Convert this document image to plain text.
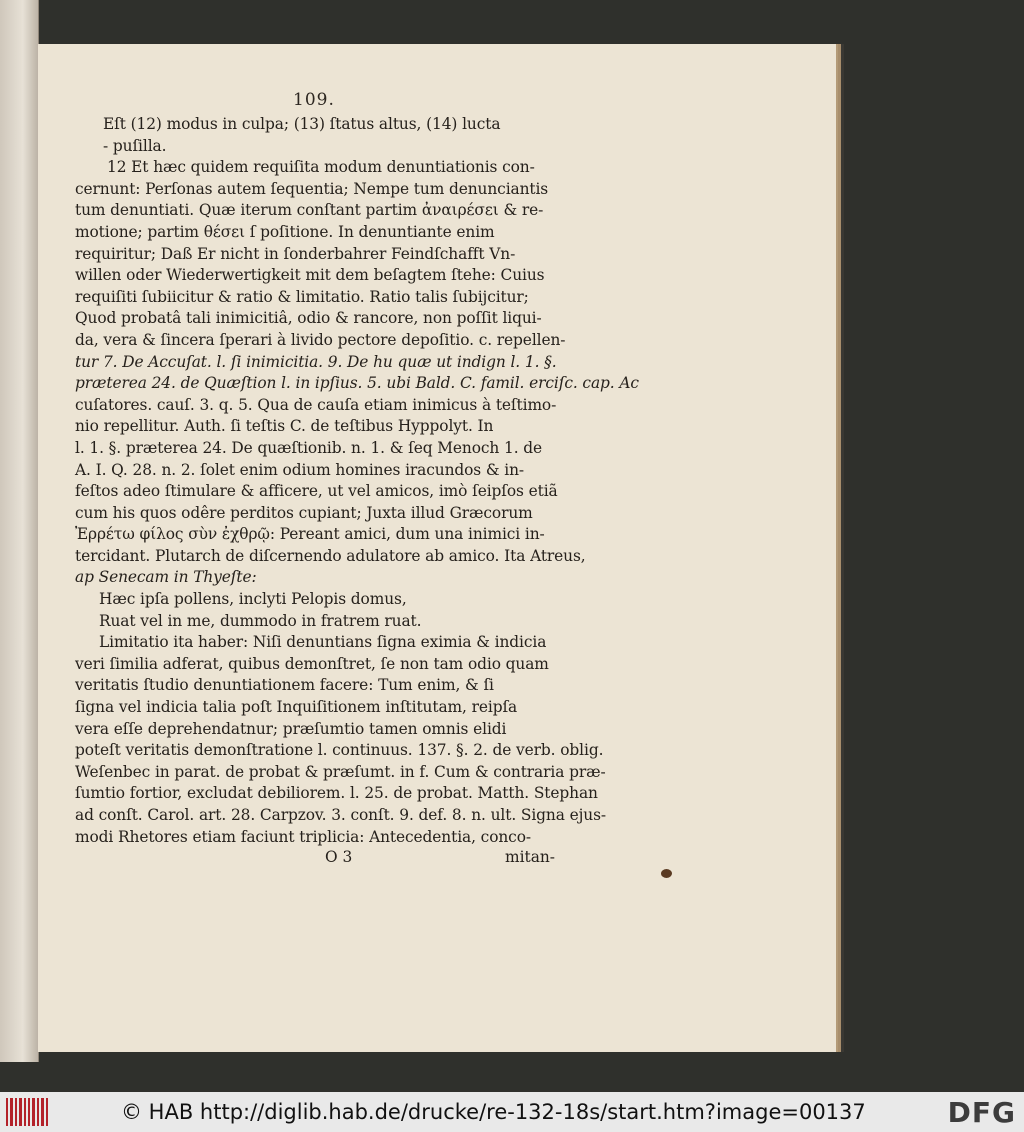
109.
Eſt (12) modus in culpa; (13) ſtatus altus, (14) lucta
- puſilla.
12 Et hæc quidem requiſita modum denuntiationis con-
cernunt: Perſonas autem ſequentia; Nempe tum denunciantis
tum denuntiati. Quæ iterum conſtant partim ἀναιρέσει & re-
motione; partim θέσει ſ poſitione. In denuntiante enim
requiritur; Daß Er nicht in ſonderbahrer Feindſchafft Vn-
willen oder Wiederwertigkeit mit dem beſagtem ſtehe: Cuius
requiſiti ſubiicitur & ratio & limitatio. Ratio talis ſubijcitur;
Quod probatâ tali inimicitiâ, odio & rancore, non poſſit liqui-
da, vera & ſincera ſperari à livido pectore depoſitio. c. repellen-
tur 7. De Accuſat. l. ſi inimicitia. 9. De hu quæ ut indign l. 1. §.
præterea 24. de Quæſtion l. in ipſius. 5. ubi Bald. C. famil. erciſc. cap. Ac
cuſatores. cauſ. 3. q. 5. Qua de cauſa etiam inimicus à teſtimo-
nio repellitur. Auth. ſi teſtis C. de teſtibus Hyppolyt. In
l. 1. §. præterea 24. De quæſtionib. n. 1. & ſeq Menoch 1. de
A. I. Q. 28. n. 2. ſolet enim odium homines iracundos & in-
feſtos adeo ſtimulare & afficere, ut vel amicos, imò ſeipſos etiã
cum his quos odêre perditos cupiant; Juxta illud Græcorum
Ἐρρέτω φίλος σὺν ἐχθρῷ: Pereant amici, dum una inimici in-
tercidant. Plutarch de diſcernendo adulatore ab amico. Ita Atreus,
ap Senecam in Thyeſte:
Hæc ipſa pollens, inclyti Pelopis domus,
Ruat vel in me, dummodo in fratrem ruat.
Limitatio ita haber: Niſi denuntians ſigna eximia & indicia
veri ſimilia adferat, quibus demonſtret, ſe non tam odio quam
veritatis ſtudio denuntiationem facere: Tum enim, & ſi
ſigna vel indicia talia poſt Inquiſitionem inſtitutam, reipſa
vera eſſe deprehendatnur; præſumtio tamen omnis elidi
poteſt veritatis demonſtratione l. continuus. 137. §. 2. de verb. oblig.
Weſenbec in parat. de probat & præſumt. in f. Cum & contraria præ-
ſumtio fortior, excludat debiliorem. l. 25. de probat. Matth. Stephan
ad conſt. Carol. art. 28. Carpzov. 3. conſt. 9. def. 8. n. ult. Signa ejus-
modi Rhetores etiam faciunt triplicia: Antecedentia, conco-
O 3	mitan-
© HAB http://diglib.hab.de/drucke/re-132-18s/start.htm?image=00137	DFG
